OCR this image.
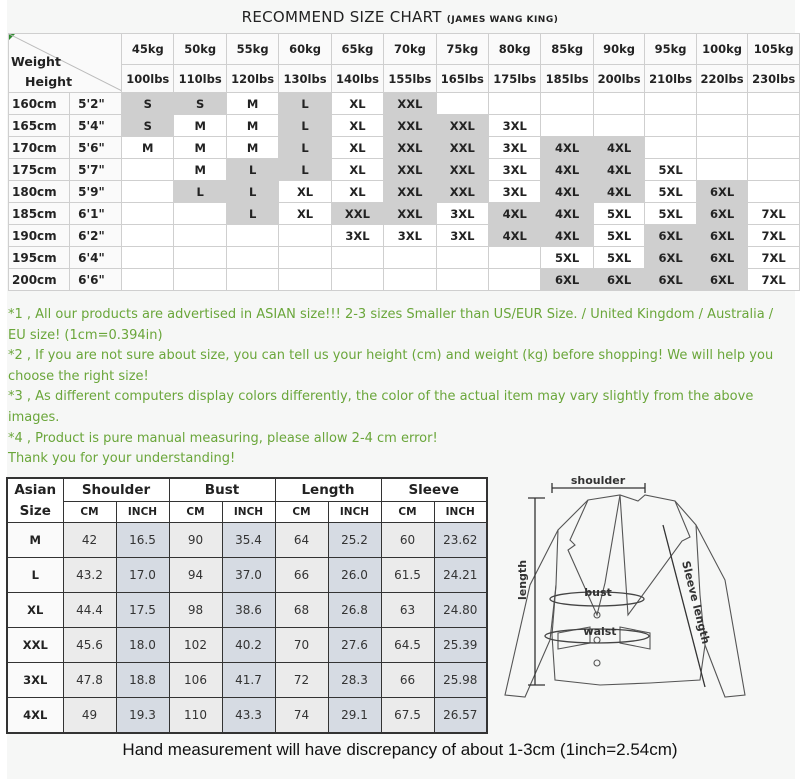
RECOMMEND SIZE CHART (JAMES WANG KING)
Weight
Height		45kg	50kg	55kg	60kg	65kg	70kg	75kg	80kg	85kg	90kg	95kg	100kg	105kg
		100lbs	110lbs	120lbs	130lbs	140lbs	155lbs	165lbs	175lbs	185lbs	200lbs	210lbs	220lbs	230lbs
160cm	5'2"	S	S	M	L	XL	XXL							
165cm	5'4"	S	M	M	L	XL	XXL	XXL	3XL					
170cm	5'6"	M	M	M	L	XL	XXL	XXL	3XL	4XL	4XL			
175cm	5'7"		M	L	L	XL	XXL	XXL	3XL	4XL	4XL	5XL		
180cm	5'9"		L	L	XL	XL	XXL	XXL	3XL	4XL	4XL	5XL	6XL	
185cm	6'1"			L	XL	XXL	XXL	3XL	4XL	4XL	5XL	5XL	6XL	7XL
190cm	6'2"					3XL	3XL	3XL	4XL	4XL	5XL	6XL	6XL	7XL
195cm	6'4"									5XL	5XL	6XL	6XL	7XL
200cm	6'6"									6XL	6XL	6XL	6XL	7XL

*1 , All our products are advertised in ASIAN size!!! 2-3 sizes Smaller than US/EUR Size. / United Kingdom / Australia / EU size! (1cm=0.394in)

*2 , If you are not sure about size, you can tell us your height (cm) and weight (kg) before shopping! We will help you choose the right size!

*3 , As different computers display colors differently, the color of the actual item may vary slightly from the above images.

*4 , Product is pure manual measuring, please allow 2-4 cm error!

Thank you for your understanding!

Asian
Size	Shoulder		Bust		Length		Sleeve	
	CM	INCH	CM	INCH	CM	INCH	CM	INCH
M	42	16.5	90	35.4	64	25.2	60	23.62
L	43.2	17.0	94	37.0	66	26.0	61.5	24.21
XL	44.4	17.5	98	38.6	68	26.8	63	24.80
XXL	45.6	18.0	102	40.2	70	27.6	64.5	25.39
3XL	47.8	18.8	106	41.7	72	28.3	66	25.98
4XL	49	19.3	110	43.3	74	29.1	67.5	26.57
shoulder
bust
waist
length	Sleeve length
Hand measurement will have discrepancy of about 1-3cm (1inch=2.54cm)
